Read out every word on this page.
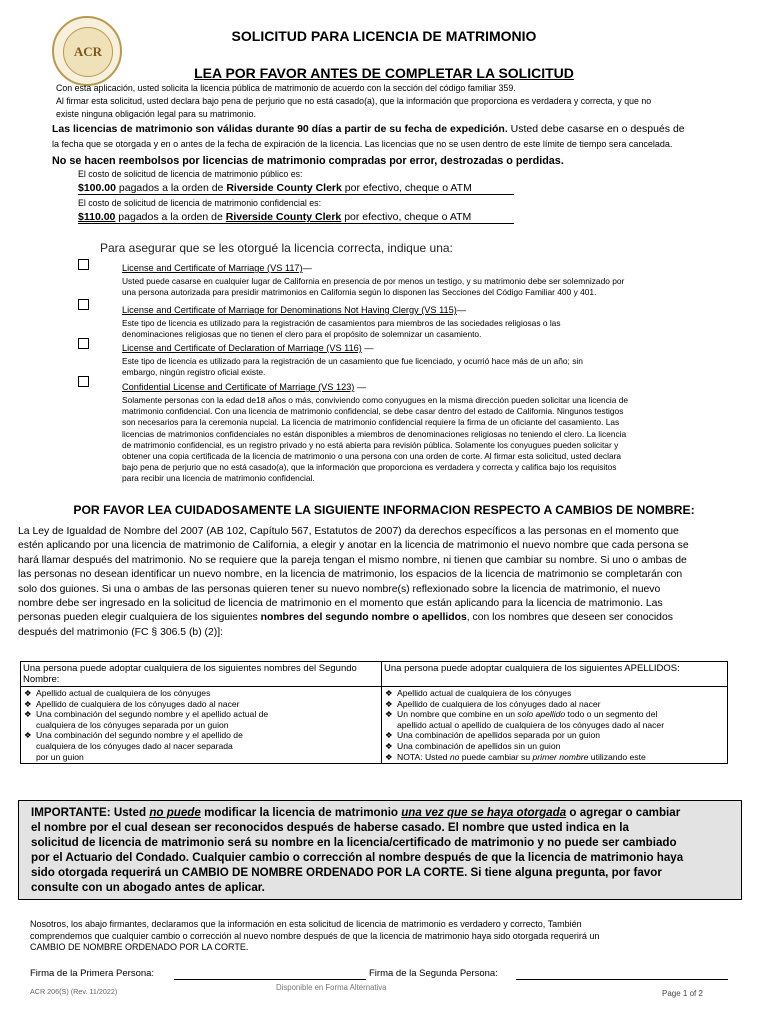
ACR
SOLICITUD PARA LICENCIA DE MATRIMONIO
LEA POR FAVOR ANTES DE COMPLETAR LA SOLICITUD
Con esta aplicación, usted solicita la licencia pública de matrimonio de acuerdo con la sección del código familiar 359.
Al firmar esta solicitud, usted declara bajo pena de perjurio que no está casado(a), que la información que proporciona es verdadera y correcta, y que no
existe ninguna obligación legal para su matrimonio.
Las licencias de matrimonio son válidas durante 90 días a partir de su fecha de expedición. Usted debe casarse en o después de
la fecha que se otorgada y en o antes de la fecha de expiración de la licencia. Las licencias que no se usen dentro de este límite de tiempo sera cancelada.
No se hacen reembolsos por licencias de matrimonio compradas por error, destrozadas o perdidas.
El costo de solicitud de licencia de matrimonio público es:
$100.00 pagados a la orden de Riverside County Clerk por efectivo, cheque o ATM
El costo de solicitud de licencia de matrimonio confidencial es:
$110.00 pagados a la orden de Riverside County Clerk por efectivo, cheque o ATM
Para asegurar que se les otorgué la licencia correcta, indique una:
License and Certificate of Marriage (VS 117)—
Usted puede casarse en cualquier lugar de California en presencia de por menos un testigo, y su matrimonio debe ser solemnizado por
una persona autorizada para presidir matrimonios en California según lo disponen las Secciones del Código Familiar 400 y 401.
License and Certificate of Marriage for Denominations Not Having Clergy (VS 115)—
Este tipo de licencia es utilizado para la registración de casamientos para miembros de las sociedades religiosas o las
denominaciones religiosas que no tienen el clero para el propósito de solemnizar un casamiento.
License and Certificate of Declaration of Marriage (VS 116) —
Este tipo de licencia es utilizado para la registración de un casamiento que fue licenciado, y ocurrió hace más de un año; sin
embargo, ningún registro oficial existe.
Confidential License and Certificate of Marriage (VS 123) —
Solamente personas con la edad de18 años o más, conviviendo como conyugues en la misma dirección pueden solicitar una licencia de
matrimonio confidencial. Con una licencia de matrimonio confidencial, se debe casar dentro del estado de California. Ningunos testigos
son necesarios para la ceremonia nupcial. La licencia de matrimonio confidencial requiere la firma de un oficiante del casamiento. Las
licencias de matrimonios confidenciales no están disponibles a miembros de denominaciones religiosas no teniendo el clero. La licencia
de matrimonio confidencial, es un registro privado y no está abierta para revisión pública. Solamente los conyugues pueden solicitar y
obtener una copia certificada de la licencia de matrimonio o una persona con una orden de corte. Al firmar esta solicitud, usted declara
bajo pena de perjurio que no está casado(a), que la información que proporciona es verdadera y correcta y califica bajo los requisitos
para recibir una licencia de matrimonio confidencial.
POR FAVOR LEA CUIDADOSAMENTE LA SIGUIENTE INFORMACION RESPECTO A CAMBIOS DE NOMBRE:
La Ley de Igualdad de Nombre del 2007 (AB 102, Capítulo 567, Estatutos de 2007) da derechos específicos a las personas en el momento que
estén aplicando por una licencia de matrimonio de California, a elegir y anotar en la licencia de matrimonio el nuevo nombre que cada persona se
hará llamar después del matrimonio. No se requiere que la pareja tengan el mismo nombre, ni tienen que cambiar su nombre. Si uno o ambas de
las personas no desean identificar un nuevo nombre, en la licencia de matrimonio, los espacios de la licencia de matrimonio se completarán con
solo dos guiones. Si una o ambas de las personas quieren tener su nuevo nombre(s) reflexionado sobre la licencia de matrimonio, el nuevo
nombre debe ser ingresado en la solicitud de licencia de matrimonio en el momento que están aplicando para la licencia de matrimonio. Las
personas pueden elegir cualquiera de los siguientes nombres del segundo nombre o apellidos, con los nombres que deseen ser conocidos
después del matrimonio (FC § 306.5 (b) (2)]:
Una persona puede adoptar cualquiera de los siguientes nombres del Segundo Nombre:
Una persona puede adoptar cualquiera de los siguientes APELLIDOS:
❖ Apellido actual de cualquiera de los cónyuges
❖ Apellido de cualquiera de los cónyuges dado al nacer
❖ Una combinación del segundo nombre y el apellido actual de
cualquiera de los cónyuges separada por un guion
❖ Una combinación del segundo nombre y el apellido de
cualquiera de los cónyuges dado al nacer separada
por un guion
❖ Apellido actual de cualquiera de los cónyuges
❖ Apellido de cualquiera de los cónyuges dado al nacer
❖ Un nombre que combine en un solo apellido todo o un segmento del
apellido actual o apellido de cualquiera de los cónyuges dado al nacer
❖ Una combinación de apellidos separada por un guion
❖ Una combinación de apellidos sin un guion
❖ NOTA: Usted no puede cambiar su primer nombre utilizando este
IMPORTANTE: Usted no puede modificar la licencia de matrimonio una vez que se haya otorgada o agregar o cambiar
el nombre por el cual desean ser reconocidos después de haberse casado. El nombre que usted indica en la
solicitud de licencia de matrimonio será su nombre en la licencia/certificado de matrimonio y no puede ser cambiado
por el Actuario del Condado. Cualquier cambio o corrección al nombre después de que la licencia de matrimonio haya
sido otorgada requerirá un CAMBIO DE NOMBRE ORDENADO POR LA CORTE. Si tiene alguna pregunta, por favor
consulte con un abogado antes de aplicar.
Nosotros, los abajo firmantes, declaramos que la información en esta solicitud de licencia de matrimonio es verdadero y correcto, También
comprendemos que cualquier cambio o corrección al nuevo nombre después de que la licencia de matrimonio haya sido otorgada requerirá un
CAMBIO DE NOMBRE ORDENADO POR LA CORTE.
Firma de la Primera Persona:	Firma de la Segunda Persona:
ACR 206(S) (Rev. 11/2022)	Disponible en Forma Alternativa
Page 1 of 2
